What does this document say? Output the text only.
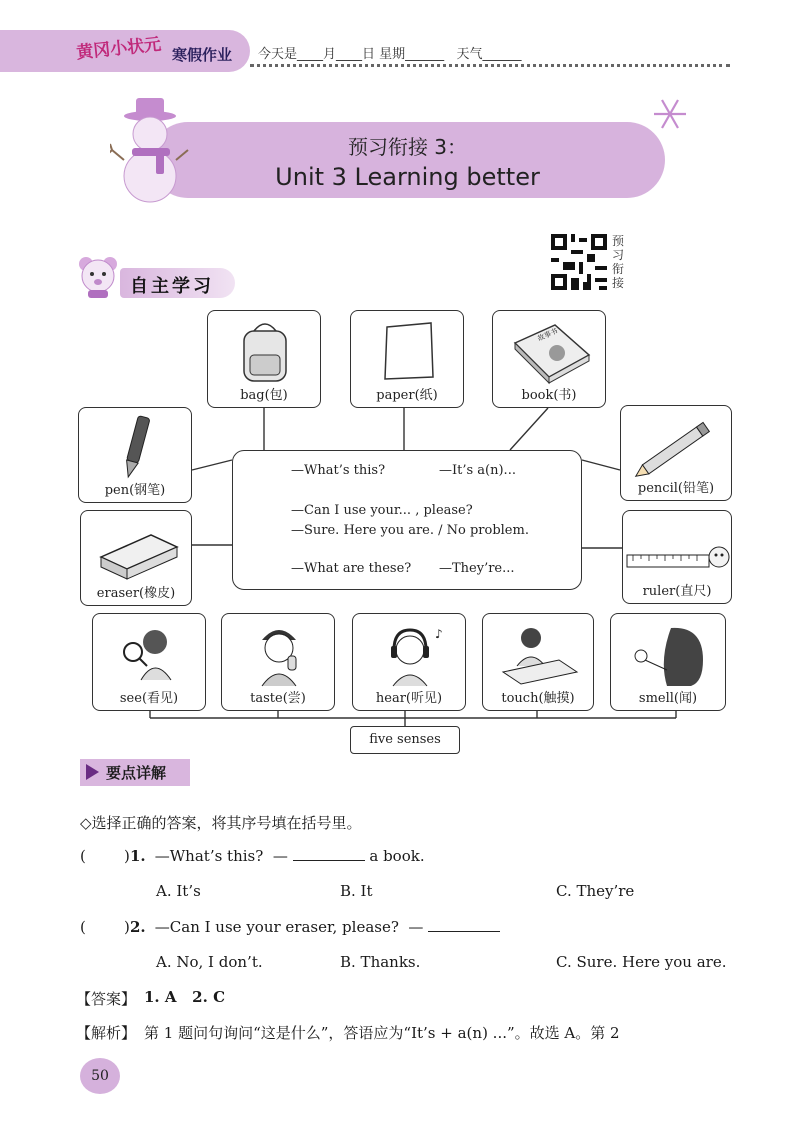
黄冈小状元 寒假作业 今天是____月____日 星期______   天气______
预习衔接 3：
Unit 3 Learning better
预习衔接
自主学习
bag(包)	paper(纸)
故事书
book(书)
pen(钢笔)	pencil(铅笔)
eraser(橡皮)	ruler(直尺)
—What’s this?	—It’s a(n)...
—Can I use your... , please?
—Sure. Here you are. / No problem.
—What are these? —They’re...
see(看见)	taste(尝)
♪
hear(听见)	touch(触摸)	smell(闻)
five senses
要点详解
◇选择正确的答案，将其序号填在括号里。
(        ) 1. —What’s this?  —	a book.
A. It’s	B. It	C. They’re
(        ) 2. —Can I use your eraser, please?  —
A. No, I don’t.	B. Thanks.	C. Sure. Here you are.
【答案】 1. A   2. C
【解析】 第 1 题问句询问“这是什么”，答语应为“It’s + a(n) ...”。故选 A。第 2
50
